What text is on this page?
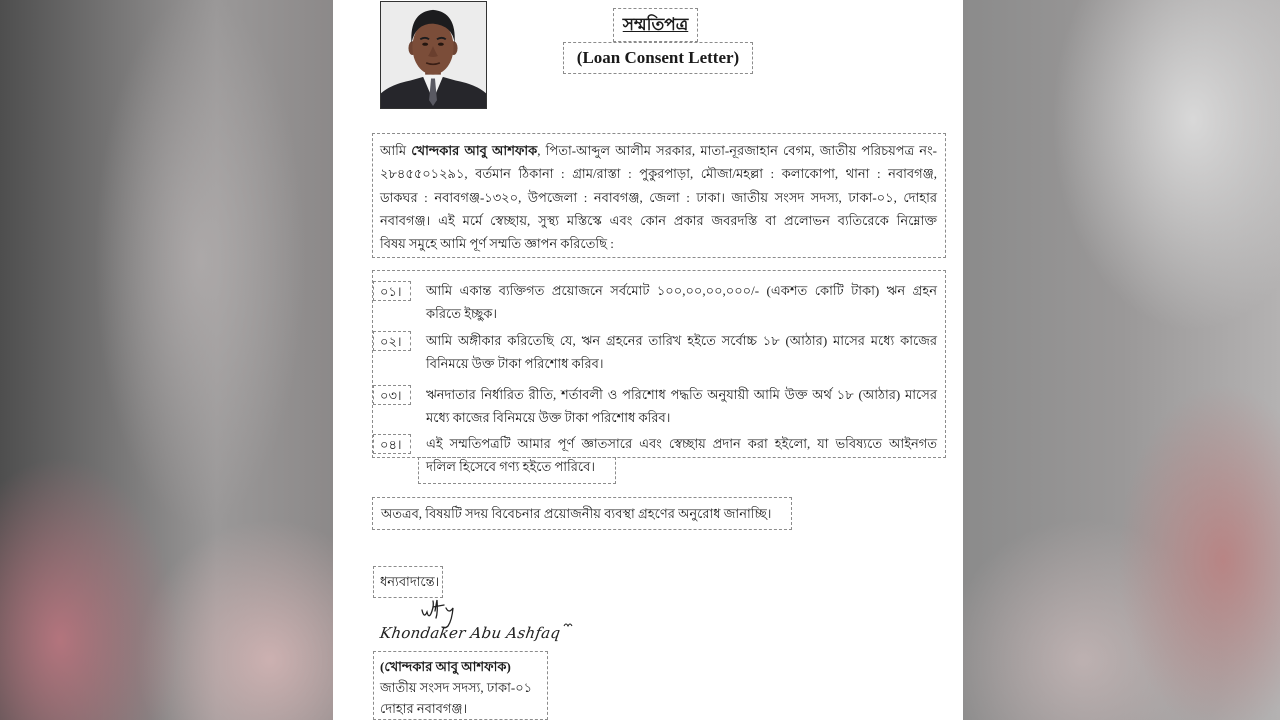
সম্মতিপত্র
(Loan Consent Letter)
আমি খোন্দকার আবু আশফাক, পিতা-আব্দুল আলীম সরকার, মাতা-নূরজাহান বেগম, জাতীয় পরিচয়পত্র নং-
২৮৪৫৫০১২৯১, বর্তমান ঠিকানা : গ্রাম/রাস্তা : পুকুরপাড়া, মৌজা/মহল্লা : কলাকোপা, থানা : নবাবগঞ্জ,
ডাকঘর : নবাবগঞ্জ-১৩২০, উপজেলা : নবাবগঞ্জ, জেলা : ঢাকা। জাতীয় সংসদ সদস্য, ঢাকা-০১, দোহার
নবাবগঞ্জ। এই মর্মে স্বেচ্ছায়, সুস্থ্য মস্তিস্কে এবং কোন প্রকার জবরদস্তি বা প্রলোভন ব্যতিরেকে নিম্নোক্ত
বিষয় সমুহে আমি পূর্ণ সম্মতি জ্ঞাপন করিতেছি :
০১। আমি একান্ত ব্যক্তিগত প্রয়োজনে সর্বমোট ১০০,০০,০০,০০০/- (একশত কোটি টাকা) ঋন গ্রহন
করিতে ইচ্ছুক।
০২। আমি অঙ্গীকার করিতেছি যে, ঋন গ্রহনের তারিখ হইতে সর্বোচ্চ ১৮ (আঠার) মাসের মধ্যে কাজের
বিনিময়ে উক্ত টাকা পরিশোধ করিব।
০৩। ঋনদাতার নির্ধারিত রীতি, শর্তাবলী ও পরিশোধ পদ্ধতি অনুযায়ী আমি উক্ত অর্থ ১৮ (আঠার) মাসের
মধ্যে কাজের বিনিময়ে উক্ত টাকা পরিশোধ করিব।
০৪। এই সম্মতিপত্রটি আমার পূর্ণ জ্ঞাতসারে এবং স্বেচ্ছায় প্রদান করা হইলো, যা ভবিষ্যতে আইনগত
দলিল হিসেবে গণ্য হইতে পারিবে।
অতত্রব, বিষয়টি সদয় বিবেচনার প্রয়োজনীয় ব্যবস্থা গ্রহণের অনুরোধ জানাচ্ছি।
ধন্যবাদান্তে।
Khondaker Abu Ashfaq
(খোন্দকার আবু আশফাক)
জাতীয় সংসদ সদস্য, ঢাকা-০১
দোহার নবাবগঞ্জ।
